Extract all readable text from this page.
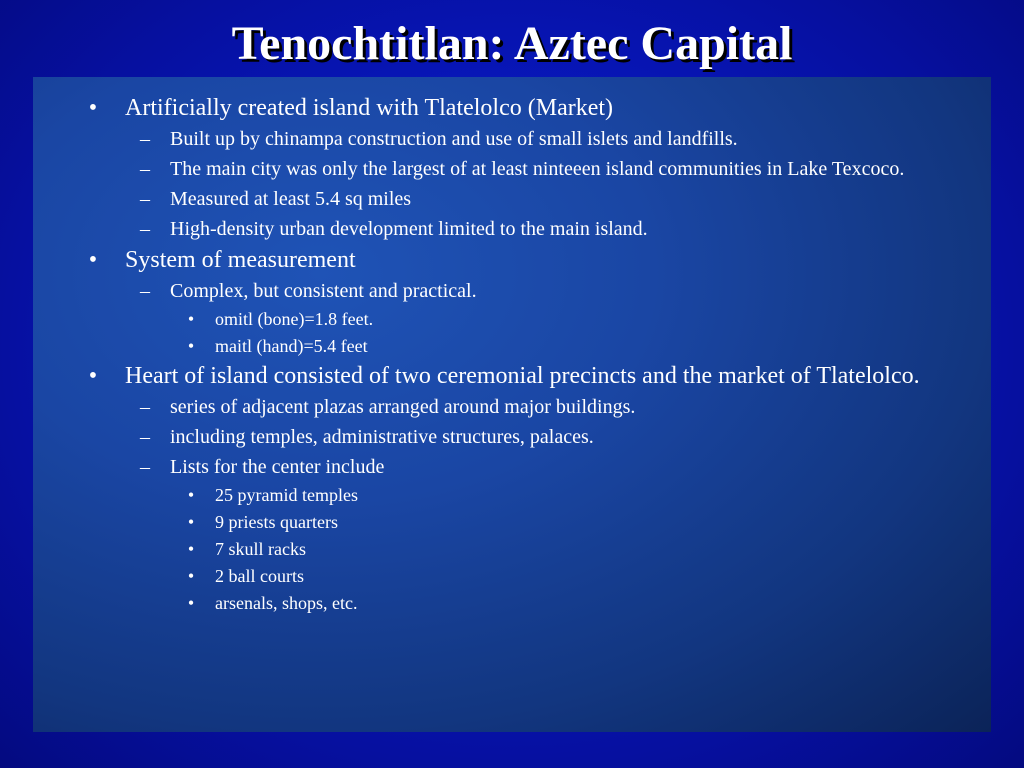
Tenochtitlan: Aztec Capital
• Artificially created island with Tlatelolco (Market)
–	Built up by chinampa construction and use of small islets and landfills.
–	The main city was only the largest of at least ninteeen island communities in Lake Texcoco.
–	Measured at least 5.4 sq miles
–	High-density urban development limited to the main island.
• System of measurement
–	Complex, but consistent and practical.
• omitl (bone)=1.8 feet.
• maitl (hand)=5.4 feet
• Heart of island consisted of two ceremonial precincts and the market of Tlatelolco.
–	series of adjacent plazas arranged around major buildings.
–	including temples, administrative structures, palaces.
–	Lists for the center include
• 25 pyramid temples
• 9 priests quarters
• 7 skull racks
• 2 ball courts
• arsenals, shops, etc.
